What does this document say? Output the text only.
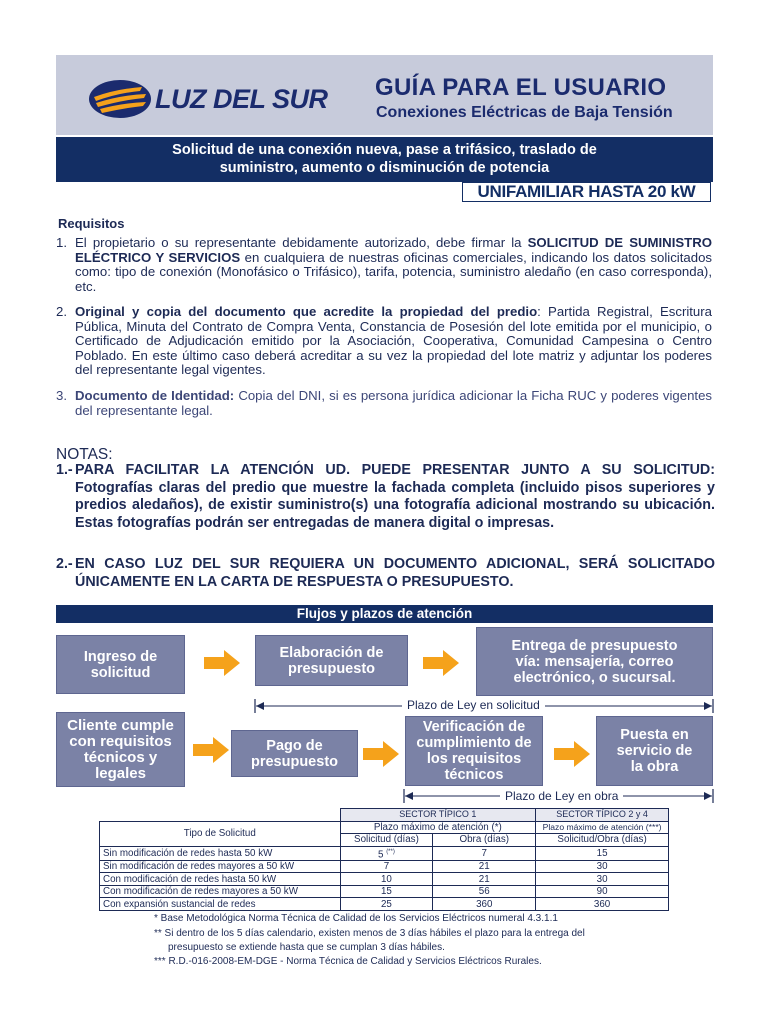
LUZ DEL SUR GUÍA PARA EL USUARIO
Conexiones Eléctricas de Baja Tensión
Solicitud de una conexión nueva, pase a trifásico, traslado de
suministro, aumento o disminución de potencia
UNIFAMILIAR HASTA 20 kW
Requisitos
1. El propietario o su representante debidamente autorizado, debe firmar la SOLICITUD DE SUMINISTRO ELÉCTRICO Y SERVICIOS en cualquiera de nuestras oficinas comerciales, indicando los datos solicitados como: tipo de conexión (Monofásico o Trifásico), tarifa, potencia, suministro aledaño (en caso corresponda), etc.
2. Original y copia del documento que acredite la propiedad del predio: Partida Registral, Escritura Pública, Minuta del Contrato de Compra Venta, Constancia de Posesión del lote emitida por el municipio, o Certificado de Adjudicación emitido por la Asociación, Cooperativa, Comunidad Campesina o Centro Poblado. En este último caso deberá acreditar a su vez la propiedad del lote matriz y adjuntar los poderes del representante legal vigentes.
3. Documento de Identidad: Copia del DNI, si es persona jurídica adicionar la Ficha RUC y poderes vigentes del representante legal.
NOTAS:
1.- PARA FACILITAR LA ATENCIÓN UD. PUEDE PRESENTAR JUNTO A SU SOLICITUD: Fotografías claras del predio que muestre la fachada completa (incluido pisos superiores y predios aledaños), de existir suministro(s) una fotografía adicional mostrando su ubicación. Estas fotografías podrán ser entregadas de manera digital o impresas.
2.- EN CASO LUZ DEL SUR REQUIERA UN DOCUMENTO ADICIONAL, SERÁ SOLICITADO ÚNICAMENTE EN LA CARTA DE RESPUESTA O PRESUPUESTO.
Flujos y plazos de atención
Ingreso de solicitud
Elaboración de presupuesto
Entrega de presupuesto vía: mensajería, correo electrónico, o sucursal.
Plazo de Ley en solicitud
Cliente cumple con requisitos técnicos y legales
Pago de presupuesto
Verificación de cumplimiento de los requisitos técnicos
Puesta en servicio de la obra
Plazo de Ley en obra
	SECTOR TÍPICO 1		SECTOR TÍPICO 2 y 4
Tipo de Solicitud	Plazo máximo de atención (*)		Plazo máximo de atención (***)
	Solicitud (días)	Obra (días)	Solicitud/Obra (días)
Sin modificación de redes hasta 50 kW	5 (**)	7	15
Sin modificación de redes mayores a 50 kW	7	21	30
Con modificación de redes hasta 50 kW	10	21	30
Con modificación de redes mayores a 50 kW	15	56	90
Con expansión sustancial de redes	25	360	360
* Base Metodológica Norma Técnica de Calidad de los Servicios Eléctricos numeral 4.3.1.1
** Si dentro de los 5 días calendario, existen menos de 3 días hábiles el plazo para la entrega del
presupuesto se extiende hasta que se cumplan 3 días hábiles.
*** R.D.-016-2008-EM-DGE - Norma Técnica de Calidad y Servicios Eléctricos Rurales.
